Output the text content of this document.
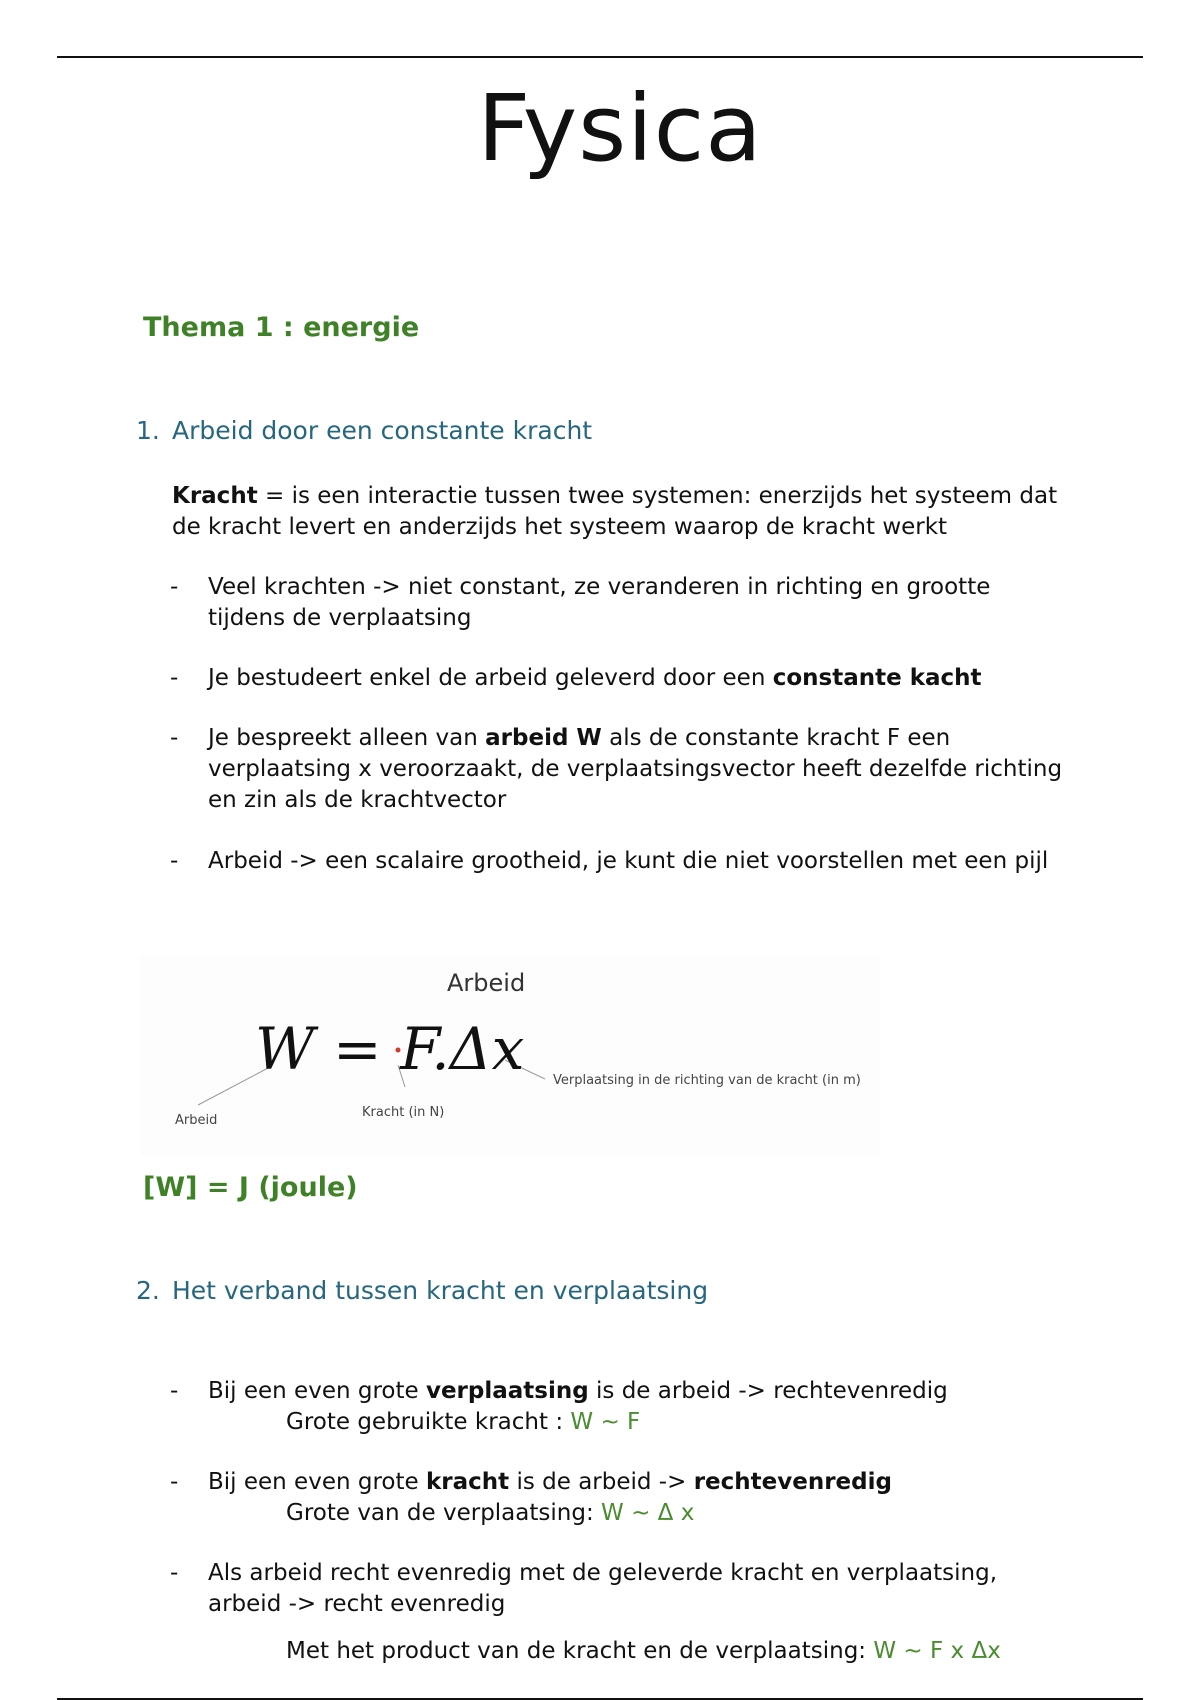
Fysica
Thema 1 : energie
1. Arbeid door een constante kracht
Kracht = is een interactie tussen twee systemen: enerzijds het systeem dat de kracht levert en anderzijds het systeem waarop de kracht werkt
-	Veel krachten -> niet constant, ze veranderen in richting en grootte tijdens de verplaatsing
-	Je bestudeert enkel de arbeid geleverd door een constante kacht
-	Je bespreekt alleen van arbeid W als de constante kracht F een verplaatsing x veroorzaakt, de verplaatsingsvector heeft dezelfde richting en zin als de krachtvector
-	Arbeid -> een scalaire grootheid, je kunt die niet voorstellen met een pijl
Arbeid
W = F.Δx
Arbeid
Kracht (in N)
Verplaatsing in de richting van de kracht (in m)
[W] = J (joule)
2. Het verband tussen kracht en verplaatsing
-	Bij een even grote verplaatsing is de arbeid -> rechtevenredig
Grote gebruikte kracht : W ~ F
-	Bij een even grote kracht is de arbeid -> rechtevenredig
Grote van de verplaatsing: W ~ Δ x
-	Als arbeid recht evenredig met de geleverde kracht en verplaatsing, arbeid -> recht evenredig
Met het product van de kracht en de verplaatsing: W ~ F x Δx
